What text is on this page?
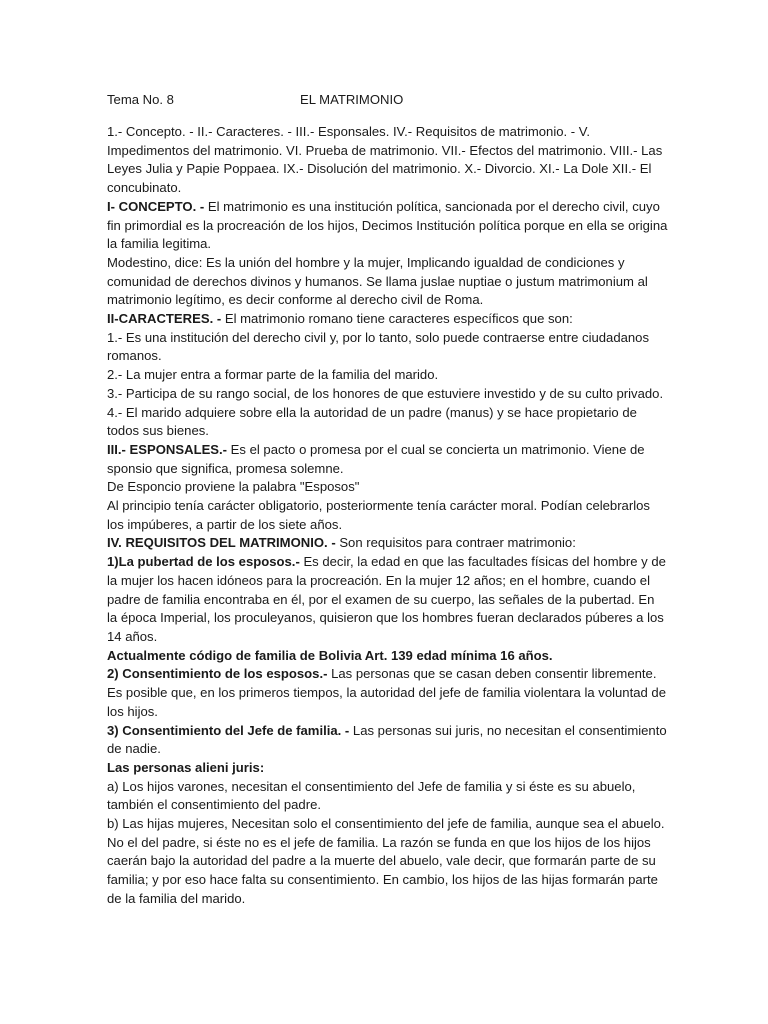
Tema No. 8	EL MATRIMONIO

1.- Concepto. - II.- Caracteres. - III.- Esponsales. IV.- Requisitos de matrimonio. - V. Impedimentos del matrimonio. VI. Prueba de matrimonio. VII.- Efectos del matrimonio. VIII.- Las Leyes Julia y Papie Poppaea. IX.- Disolución del matrimonio. X.- Divorcio. XI.- La Dole XII.- El concubinato.

I- CONCEPTO. - El matrimonio es una institución política, sancionada por el derecho civil, cuyo fin primordial es la procreación de los hijos, Decimos Institución política porque en ella se origina la familia legitima.

Modestino, dice: Es la unión del hombre y la mujer, Implicando igualdad de condiciones y comunidad de derechos divinos y humanos. Se llama juslae nuptiae o justum matrimonium al matrimonio legítimo, es decir conforme al derecho civil de Roma.

II-CARACTERES. - El matrimonio romano tiene caracteres específicos que son:

1.- Es una institución del derecho civil y, por lo tanto, solo puede contraerse entre ciudadanos romanos.

2.- La mujer entra a formar parte de la familia del marido.

3.- Participa de su rango social, de los honores de que estuviere investido y de su culto privado.

4.- El marido adquiere sobre ella la autoridad de un padre (manus) y se hace propietario de todos sus bienes.

III.- ESPONSALES.- Es el pacto o promesa por el cual se concierta un matrimonio. Viene de sponsio que significa, promesa solemne.

De Esponcio proviene la palabra "Esposos"

Al principio tenía carácter obligatorio, posteriormente tenía carácter moral. Podían celebrarlos los impúberes, a partir de los siete años.

IV. REQUISITOS DEL MATRIMONIO. - Son requisitos para contraer matrimonio:

1)La pubertad de los esposos.- Es decir, la edad en que las facultades físicas del hombre y de la mujer los hacen idóneos para la procreación. En la mujer 12 años; en el hombre, cuando el padre de familia encontraba en él, por el examen de su cuerpo, las señales de la pubertad. En la época Imperial, los proculeyanos, quisieron que los hombres fueran declarados púberes a los 14 años.

Actualmente código de familia de Bolivia Art. 139 edad mínima 16 años.

2) Consentimiento de los esposos.- Las personas que se casan deben consentir libremente. Es posible que, en los primeros tiempos, la autoridad del jefe de familia violentara la voluntad de los hijos.

3) Consentimiento del Jefe de familia. - Las personas sui juris, no necesitan el consentimiento de nadie.

Las personas alieni juris:

a) Los hijos varones, necesitan el consentimiento del Jefe de familia y si éste es su abuelo, también el consentimiento del padre.

b) Las hijas mujeres, Necesitan solo el consentimiento del jefe de familia, aunque sea el abuelo. No el del padre, si éste no es el jefe de familia. La razón se funda en que los hijos de los hijos caerán bajo la autoridad del padre a la muerte del abuelo, vale decir, que formarán parte de su familia; y por eso hace falta su consentimiento. En cambio, los hijos de las hijas formarán parte de la familia del marido.
